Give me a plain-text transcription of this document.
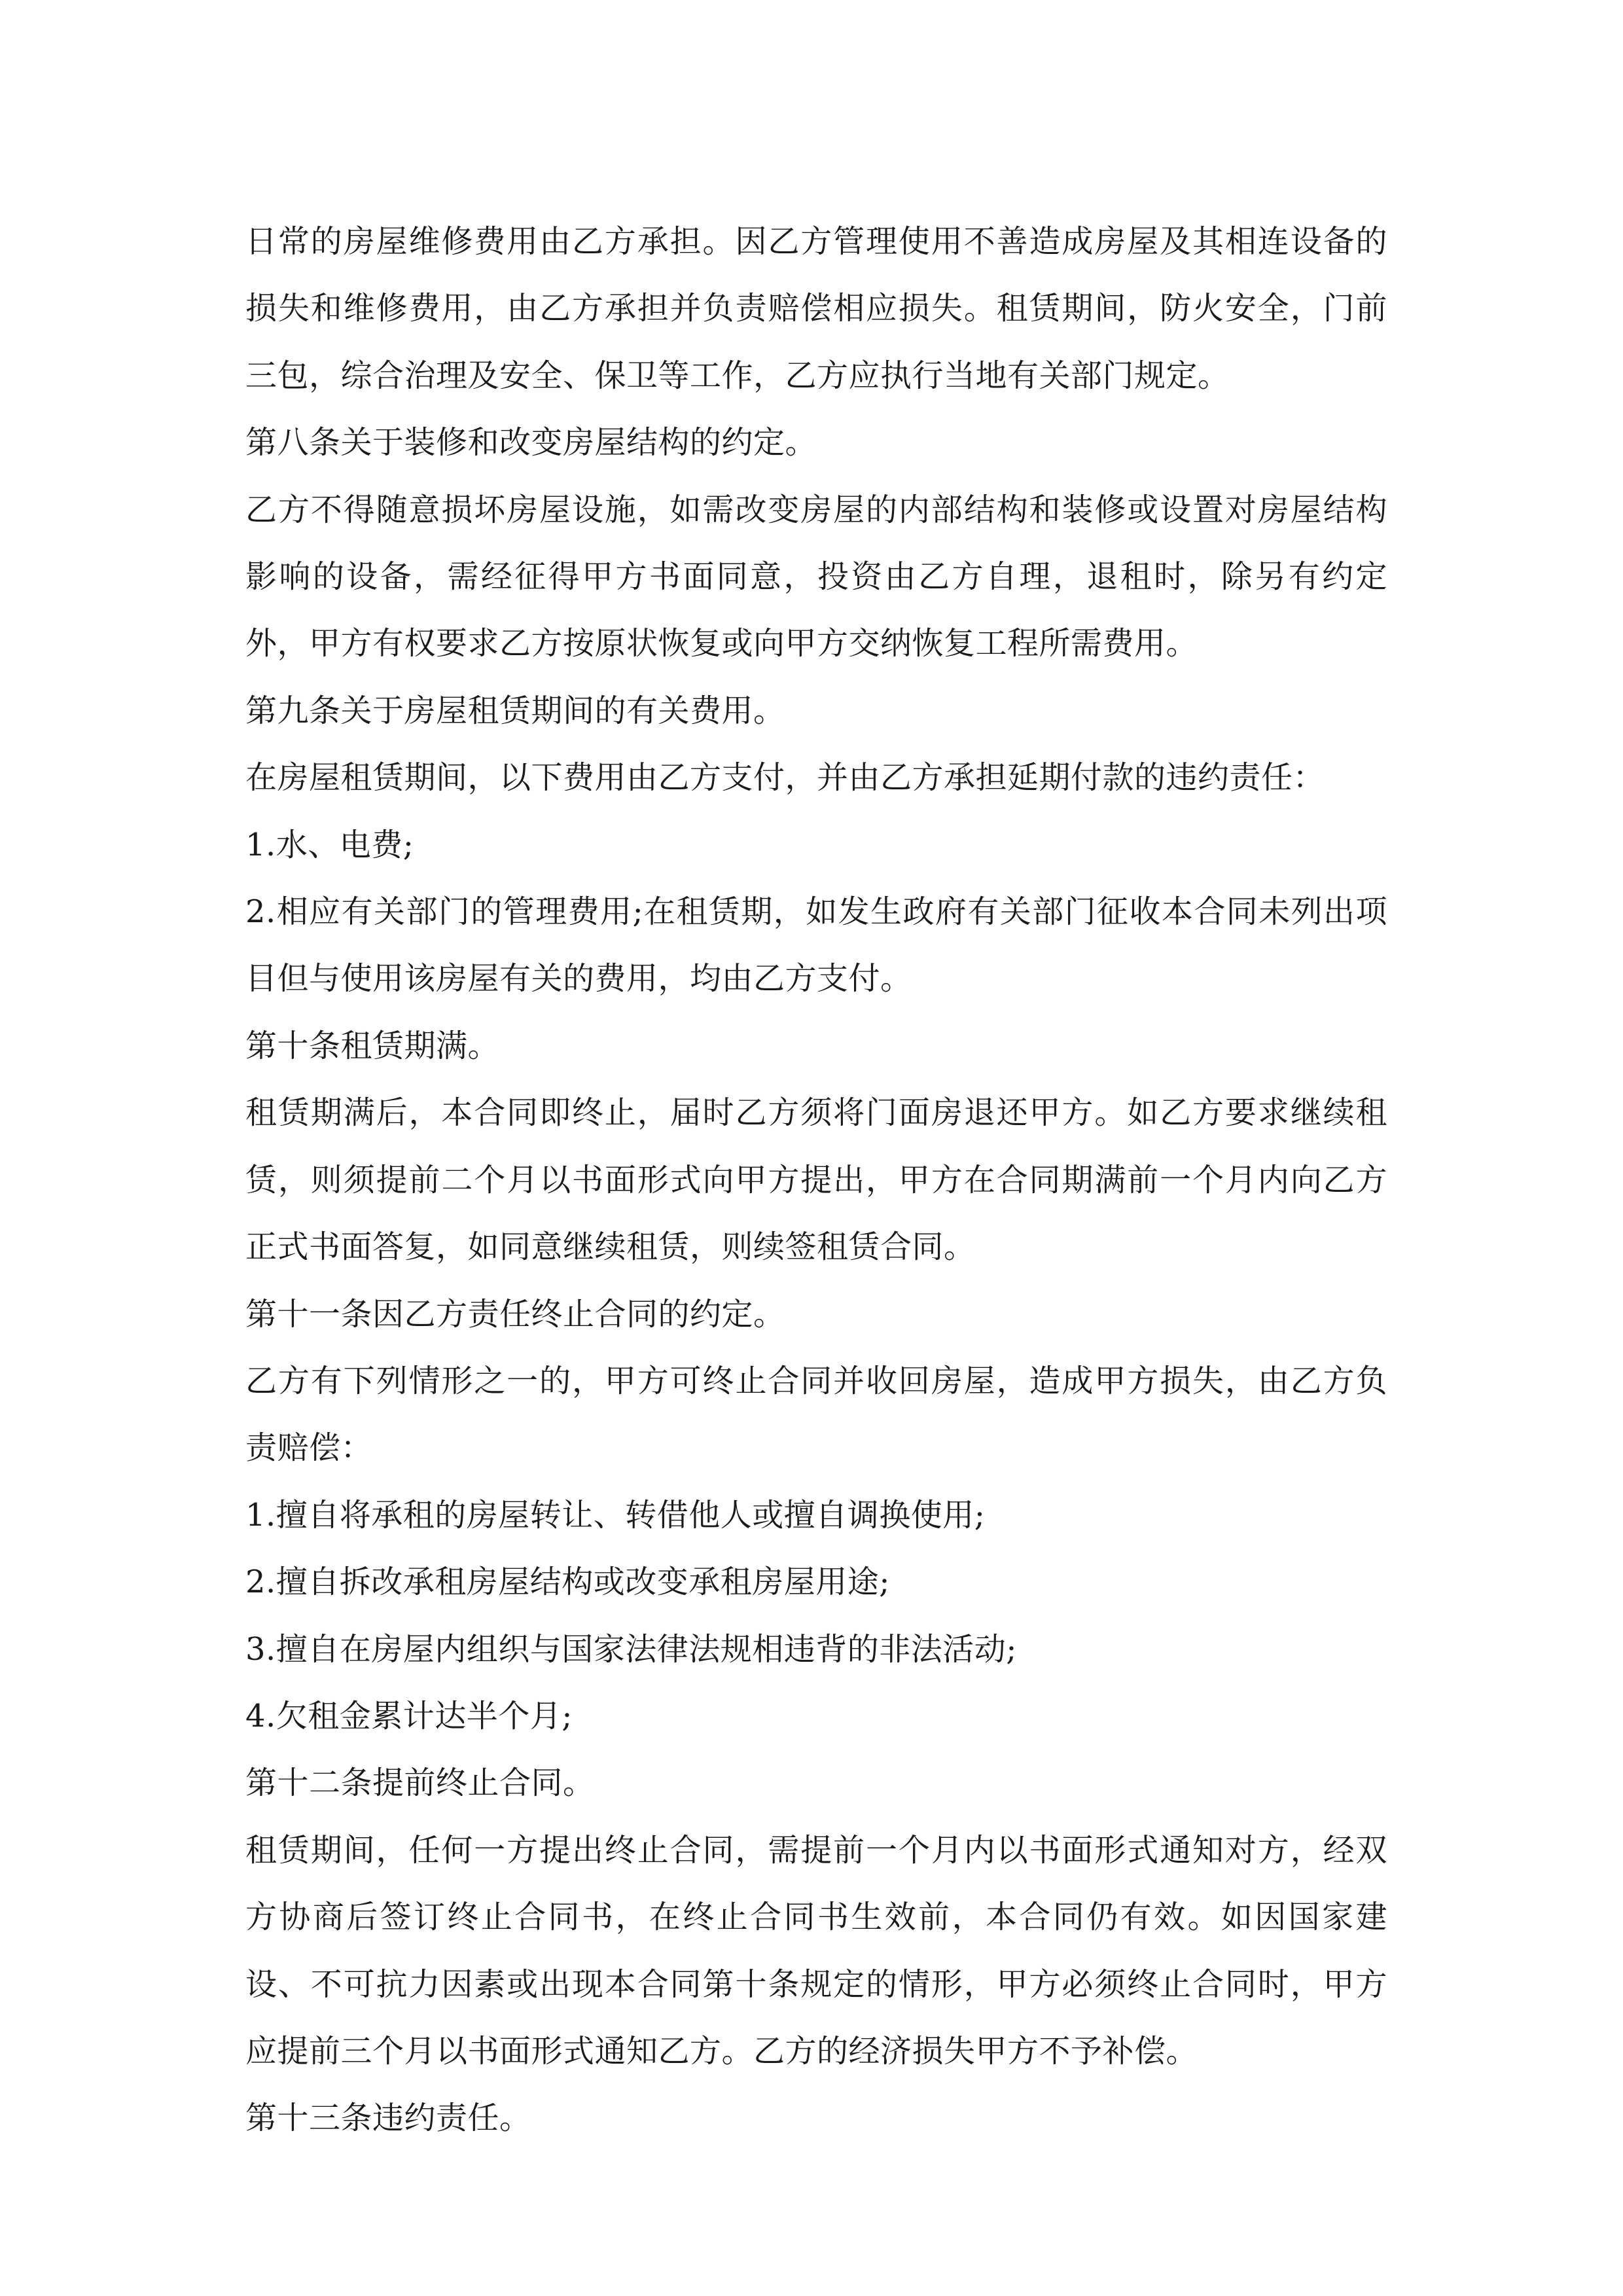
日常的房屋维修费用由乙方承担。因乙方管理使用不善造成房屋及其相连设备的损失和维修费用，由乙方承担并负责赔偿相应损失。租赁期间，防火安全，门前三包，综合治理及安全、保卫等工作，乙方应执行当地有关部门规定。

第八条关于装修和改变房屋结构的约定。

乙方不得随意损坏房屋设施，如需改变房屋的内部结构和装修或设置对房屋结构影响的设备，需经征得甲方书面同意，投资由乙方自理，退租时，除另有约定外，甲方有权要求乙方按原状恢复或向甲方交纳恢复工程所需费用。

第九条关于房屋租赁期间的有关费用。

在房屋租赁期间，以下费用由乙方支付，并由乙方承担延期付款的违约责任：

1.水、电费;

2.相应有关部门的管理费用;在租赁期，如发生政府有关部门征收本合同未列出项目但与使用该房屋有关的费用，均由乙方支付。

第十条租赁期满。

租赁期满后，本合同即终止，届时乙方须将门面房退还甲方。如乙方要求继续租赁，则须提前二个月以书面形式向甲方提出，甲方在合同期满前一个月内向乙方正式书面答复，如同意继续租赁，则续签租赁合同。

第十一条因乙方责任终止合同的约定。

乙方有下列情形之一的，甲方可终止合同并收回房屋，造成甲方损失，由乙方负责赔偿：

1.擅自将承租的房屋转让、转借他人或擅自调换使用;

2.擅自拆改承租房屋结构或改变承租房屋用途;

3.擅自在房屋内组织与国家法律法规相违背的非法活动;

4.欠租金累计达半个月;

第十二条提前终止合同。

租赁期间，任何一方提出终止合同，需提前一个月内以书面形式通知对方，经双方协商后签订终止合同书，在终止合同书生效前，本合同仍有效。如因国家建设、不可抗力因素或出现本合同第十条规定的情形，甲方必须终止合同时，甲方应提前三个月以书面形式通知乙方。乙方的经济损失甲方不予补偿。

第十三条违约责任。
